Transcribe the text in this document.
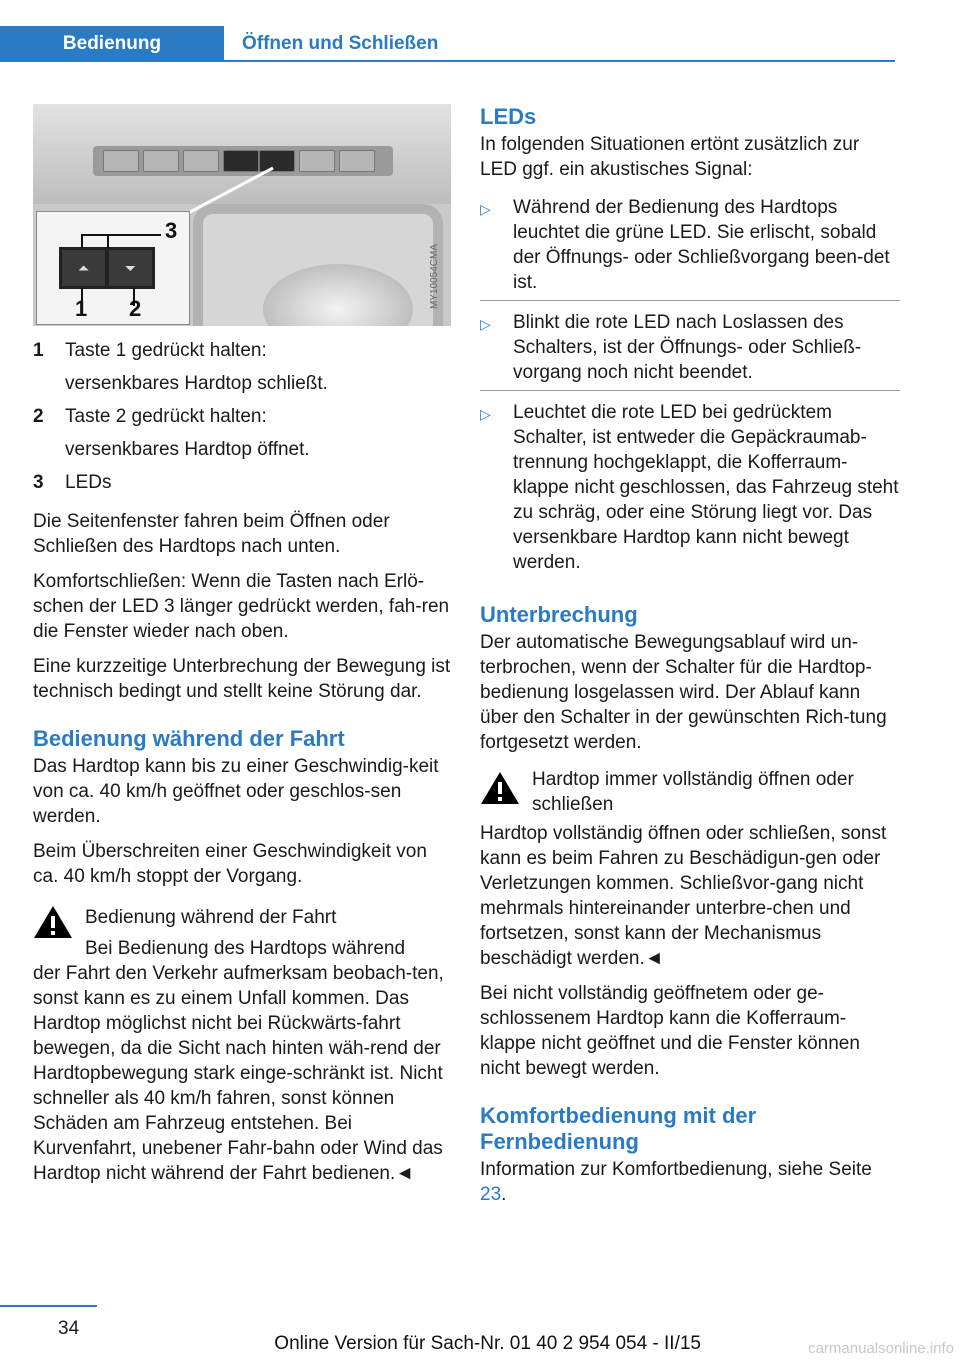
Bedienung	Öffnen und Schließen
⏶	⏷
1 2
3
MY10054CMA
1	Taste 1 gedrückt halten:
versenkbares Hardtop schließt.
2	Taste 2 gedrückt halten:
versenkbares Hardtop öffnet.
3	LEDs

Die Seitenfenster fahren beim Öffnen oder Schließen des Hardtops nach unten.

Komfortschließen: Wenn die Tasten nach Erlö-schen der LED 3 länger gedrückt werden, fah-ren die Fenster wieder nach oben.

Eine kurzzeitige Unterbrechung der Bewegung ist technisch bedingt und stellt keine Störung dar.

Bedienung während der Fahrt

Das Hardtop kann bis zu einer Geschwindig-keit von ca. 40 km/h geöffnet oder geschlos-sen werden.

Beim Überschreiten einer Geschwindigkeit von ca. 40 km/h stoppt der Vorgang.

Bedienung während der Fahrt
Bei Bedienung des Hardtops während
der Fahrt den Verkehr aufmerksam beobach-ten, sonst kann es zu einem Unfall kommen. Das Hardtop möglichst nicht bei Rückwärts-fahrt bewegen, da die Sicht nach hinten wäh-rend der Hardtopbewegung stark einge-schränkt ist. Nicht schneller als 40 km/h fahren, sonst können Schäden am Fahrzeug entstehen. Bei Kurvenfahrt, unebener Fahr-bahn oder Wind das Hardtop nicht während der Fahrt bedienen.◄
LEDs

In folgenden Situationen ertönt zusätzlich zur LED ggf. ein akustisches Signal:

▷	Während der Bedienung des Hardtops leuchtet die grüne LED. Sie erlischt, sobald der Öffnungs- oder Schließvorgang been-det ist.
▷	Blinkt die rote LED nach Loslassen des Schalters, ist der Öffnungs- oder Schließ-vorgang noch nicht beendet.
▷	Leuchtet die rote LED bei gedrücktem Schalter, ist entweder die Gepäckraumab-trennung hochgeklappt, die Kofferraum-klappe nicht geschlossen, das Fahrzeug steht zu schräg, oder eine Störung liegt vor. Das versenkbare Hardtop kann nicht bewegt werden.
Unterbrechung

Der automatische Bewegungsablauf wird un-terbrochen, wenn der Schalter für die Hardtop-bedienung losgelassen wird. Der Ablauf kann über den Schalter in der gewünschten Rich-tung fortgesetzt werden.

Hardtop immer vollständig öffnen oder schließen
Hardtop vollständig öffnen oder schließen, sonst kann es beim Fahren zu Beschädigun-gen oder Verletzungen kommen. Schließvor-gang nicht mehrmals hintereinander unterbre-chen und fortsetzen, sonst kann der Mechanismus beschädigt werden.◄

Bei nicht vollständig geöffnetem oder ge-schlossenem Hardtop kann die Kofferraum-klappe nicht geöffnet und die Fenster können nicht bewegt werden.

Komfortbedienung mit der Fernbedienung

Information zur Komfortbedienung, siehe Seite 23.

34
Online Version für Sach-Nr. 01 40 2 954 054 - II/15	carmanualsonline.info
